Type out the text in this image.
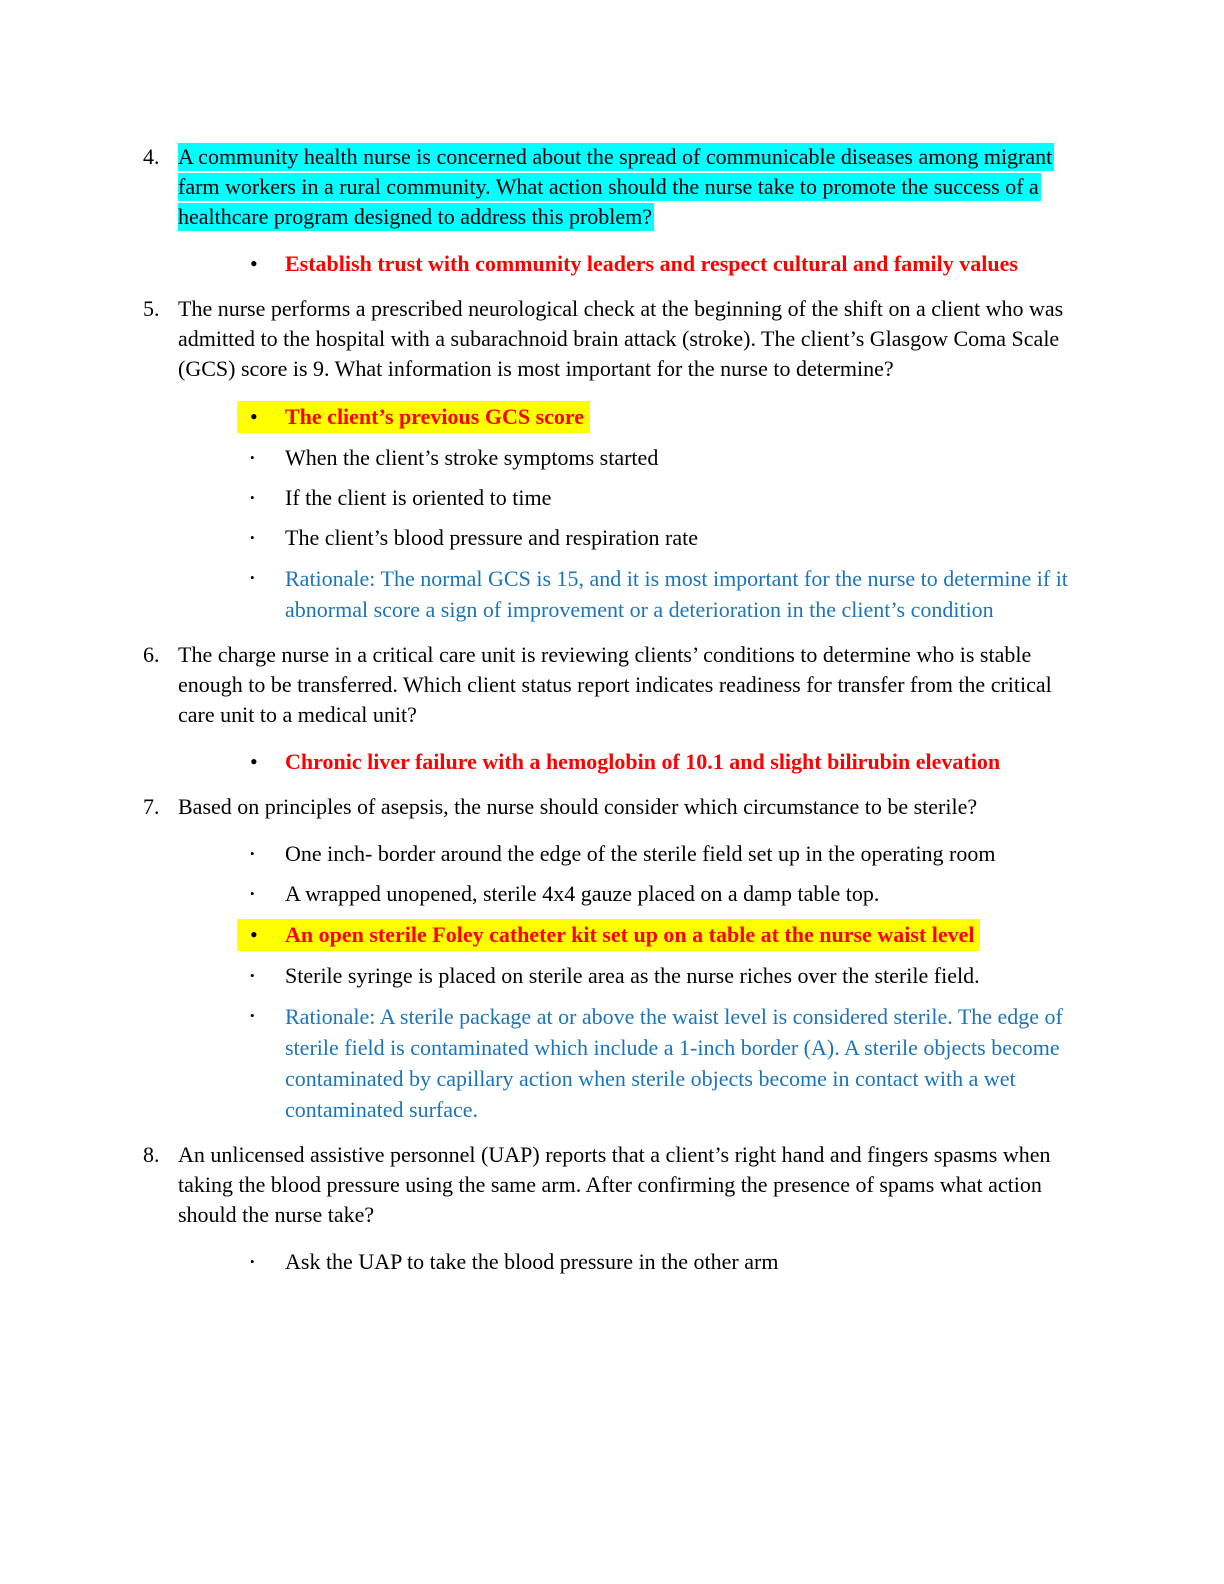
4. A community health nurse is concerned about the spread of communicable diseases among migrant farm workers in a rural community. What action should the nurse take to promote the success of a healthcare program designed to address this problem?

•	Establish trust with community leaders and respect cultural and family values
5. The nurse performs a prescribed neurological check at the beginning of the shift on a client who was admitted to the hospital with a subarachnoid brain attack (stroke). The client’s Glasgow Coma Scale (GCS) score is 9. What information is most important for the nurse to determine?

•	The client’s previous GCS score
•	When the client’s stroke symptoms started
•	If the client is oriented to time
•	The client’s blood pressure and respiration rate
•	Rationale: The normal GCS is 15, and it is most important for the nurse to determine if it abnormal score a sign of improvement or a deterioration in the client’s condition
6. The charge nurse in a critical care unit is reviewing clients’ conditions to determine who is stable enough to be transferred. Which client status report indicates readiness for transfer from the critical care unit to a medical unit?

•	Chronic liver failure with a hemoglobin of 10.1 and slight bilirubin elevation
7. Based on principles of asepsis, the nurse should consider which circumstance to be sterile?

•	One inch- border around the edge of the sterile field set up in the operating room
•	A wrapped unopened, sterile 4x4 gauze placed on a damp table top.
•	An open sterile Foley catheter kit set up on a table at the nurse waist level
•	Sterile syringe is placed on sterile area as the nurse riches over the sterile field.
•	Rationale: A sterile package at or above the waist level is considered sterile. The edge of sterile field is contaminated which include a 1-inch border (A). A sterile objects become contaminated by capillary action when sterile objects become in contact with a wet contaminated surface.
8. An unlicensed assistive personnel (UAP) reports that a client’s right hand and fingers spasms when taking the blood pressure using the same arm. After confirming the presence of spams what action should the nurse take?

•	Ask the UAP to take the blood pressure in the other arm
